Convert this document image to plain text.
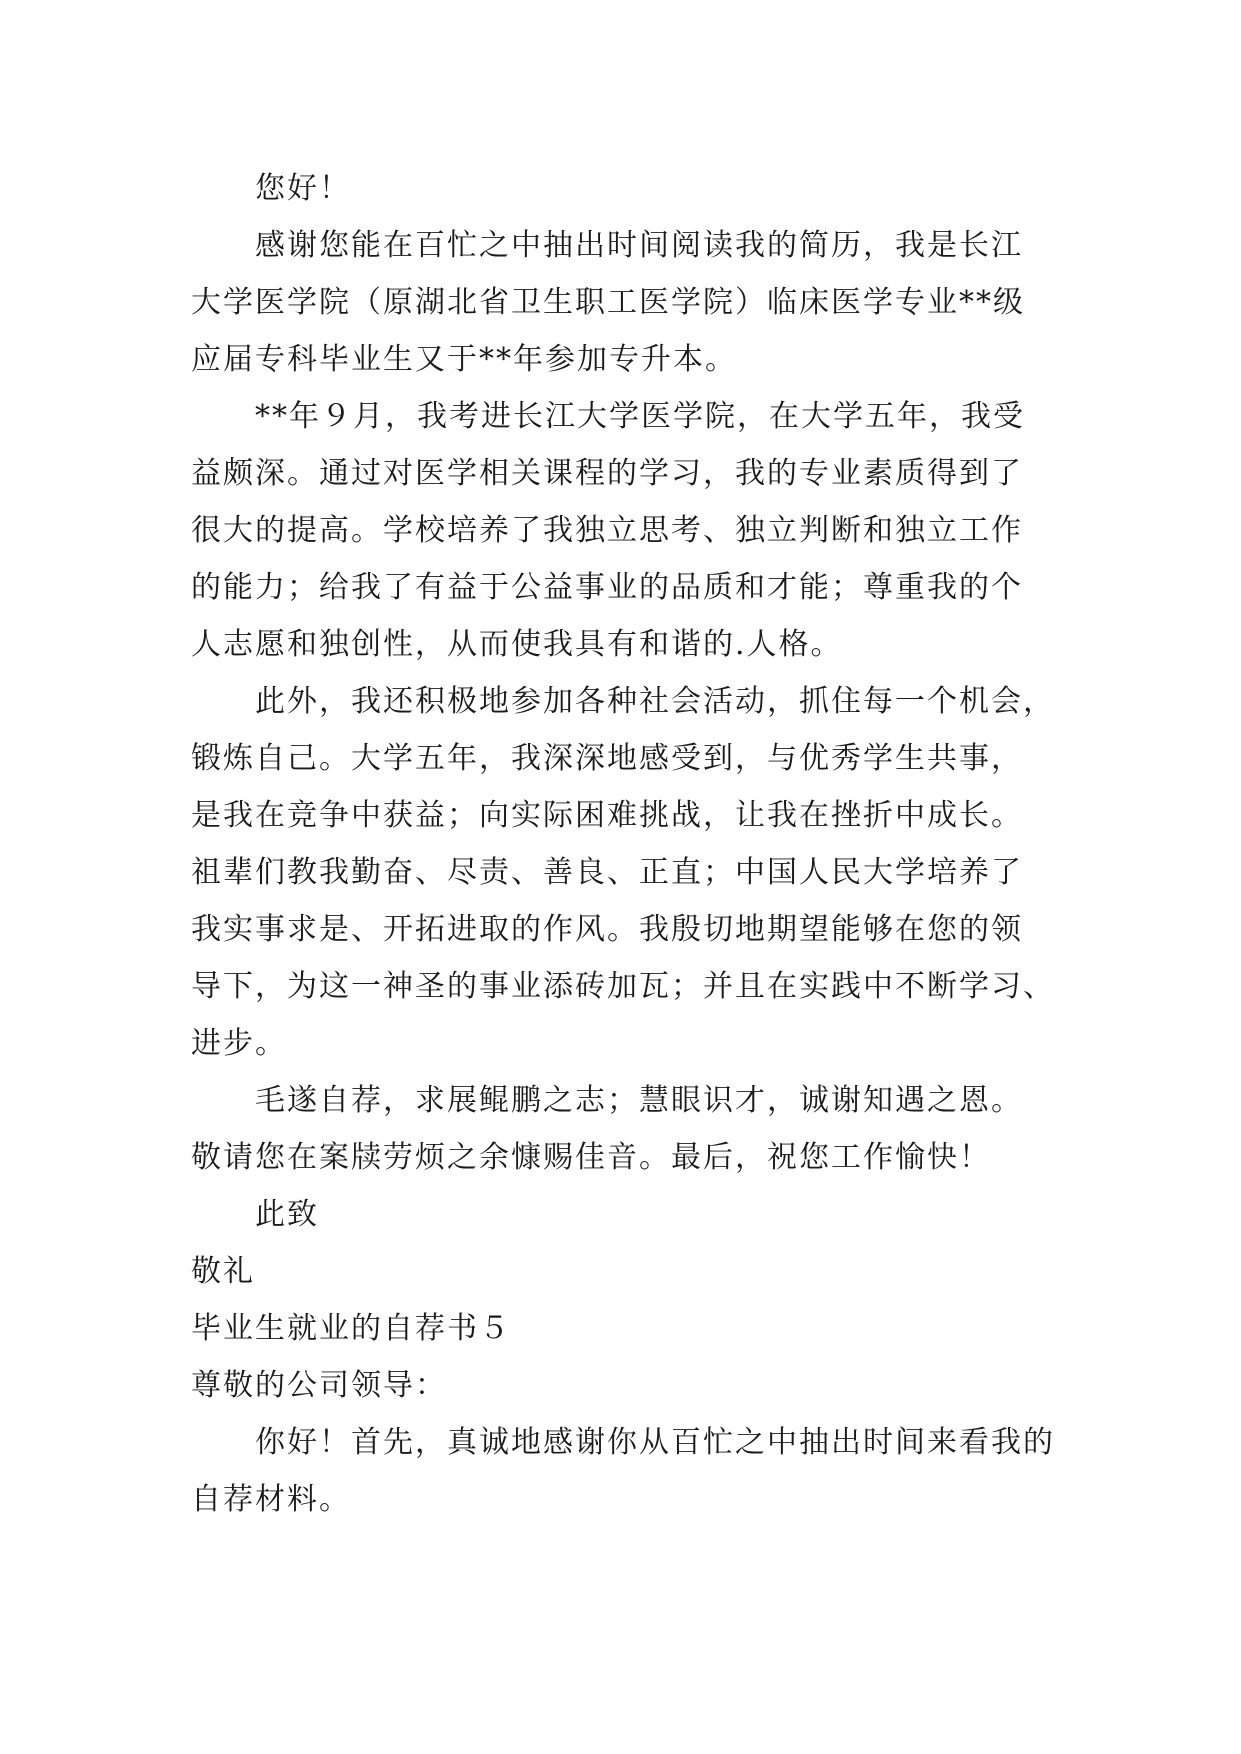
您好！
感谢您能在百忙之中抽出时间阅读我的简历，我是长江
大学医学院（原湖北省卫生职工医学院）临床医学专业**级
应届专科毕业生又于**年参加专升本。
**年９月，我考进长江大学医学院，在大学五年，我受
益颇深。通过对医学相关课程的学习，我的专业素质得到了
很大的提高。学校培养了我独立思考、独立判断和独立工作
的能力；给我了有益于公益事业的品质和才能；尊重我的个
人志愿和独创性，从而使我具有和谐的.人格。
此外，我还积极地参加各种社会活动，抓住每一个机会，
锻炼自己。大学五年，我深深地感受到，与优秀学生共事，
是我在竞争中获益；向实际困难挑战，让我在挫折中成长。
祖辈们教我勤奋、尽责、善良、正直；中国人民大学培养了
我实事求是、开拓进取的作风。我殷切地期望能够在您的领
导下，为这一神圣的事业添砖加瓦；并且在实践中不断学习、
进步。
毛遂自荐，求展鲲鹏之志；慧眼识才，诚谢知遇之恩。
敬请您在案牍劳烦之余慷赐佳音。最后，祝您工作愉快！
此致
敬礼
毕业生就业的自荐书５
尊敬的公司领导：
你好！首先，真诚地感谢你从百忙之中抽出时间来看我的
自荐材料。
